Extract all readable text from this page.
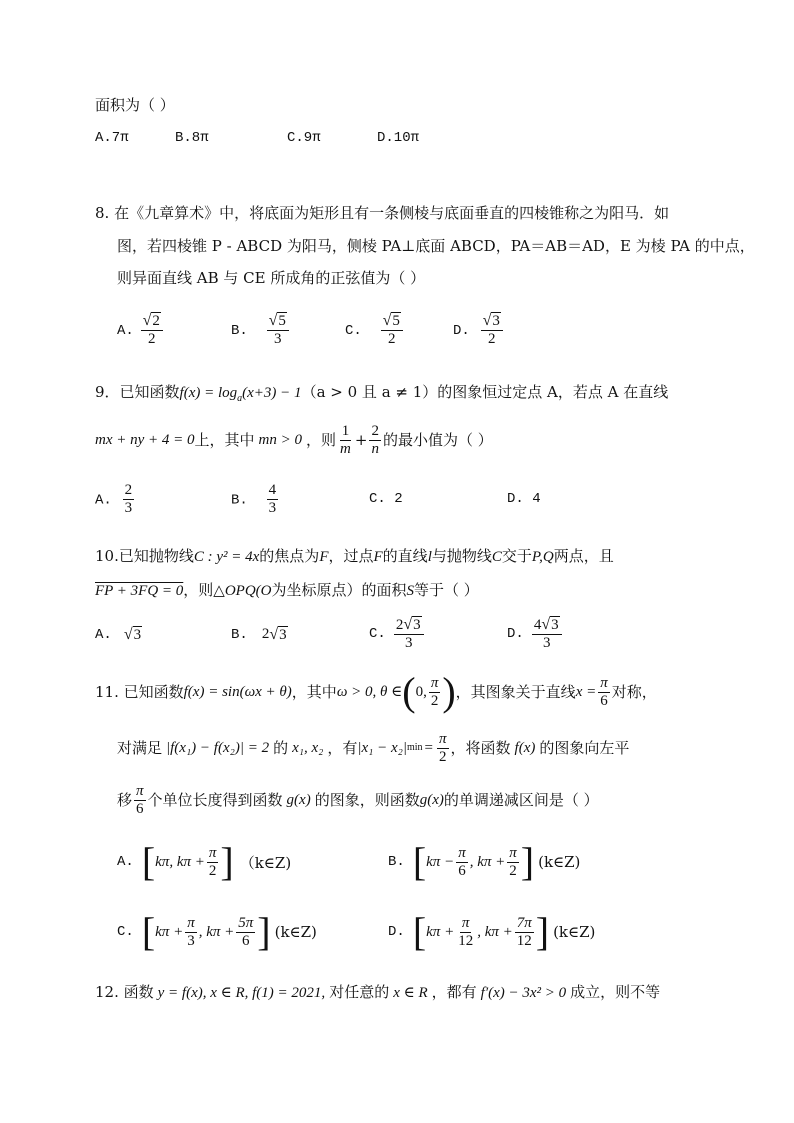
面积为（ ）
A.7π	B.8π	C.9π	D.10π
8. 在《九章算术》中，将底面为矩形且有一条侧棱与底面垂直的四棱锥称之为阳马．如
图，若四棱锥 P - ABCD 为阳马，侧棱 PA⊥底面 ABCD，PA＝AB＝AD，E 为棱 PA 的中点，
则异面直线 AB 与 CE 所成角的正弦值为（ ）
A. $\frac{√ 2}{2}$	B. $\frac{√ 5}{3}$	C. $\frac{√ 5}{2}$	D. $\frac{√ 3}{2}$
9．已知函数$f(x) = \log_a(x+3) - 1(a > 0$ 且 a ≠ 1）的图象恒过定点 A，若点 A 在直线
mx + ny + 4 = 0 上，其中 mn > 0 ，则 $\frac{1}{m} + \frac{2}{n}$ 的最小值为（ ）
A. $\frac{2}{3}$	B. $\frac{4}{3}$	C. 2	D. 4
10.已知抛物线C : y² = 4x的焦点为F，过点F的直线l与抛物线C交于P,Q两点，且
FP + 3FQ = 0，则△OPQ(O为坐标原点）的面积S等于（ ）
A. √ 3	B. 2 √ 3	C. $\frac{2 √ 3}{3}$	D. $\frac{4 √ 3}{3}$
11. 已知函数 f(x) = sin(ωx + θ) ，其中 ω > 0, θ ∈ ( 0, $\frac{\pi}{2}$ ) ，其图象关于直线 $x = \frac{\pi}{6}$ 对称，
对满足 |f(x₁) − f(x₂)| = 2 的 x₁, x₂ ，有 |x₁ − x₂| $\min = \frac{\pi}{2}$ ，将函数 f(x) 的图象向左平
移 $\frac{\pi}{6}$ 个单位长度得到函数 g(x) 的图象，则函数 g(x) 的单调递减区间是（ ）
A. [ kπ, $k\pi + \frac{\pi}{2}$ ] （k∈Z)	B. [ $k\pi - \frac{\pi}{6}$ , $k\pi + \frac{\pi}{2}$ ] (k∈Z)
C. [ $k\pi + \frac{\pi}{3}$ , $k\pi + \frac{5\pi}{6}$ ] (k∈Z)	D. [ $k\pi + \frac{\pi}{12}$ , $k\pi + \frac{7\pi}{12}$ ] (k∈Z)
12. 函数 y = f(x), x ∈ R, f(1) = 2021, 对任意的 x ∈ R ，都有 f′(x) − 3x² > 0 成立，则不等
